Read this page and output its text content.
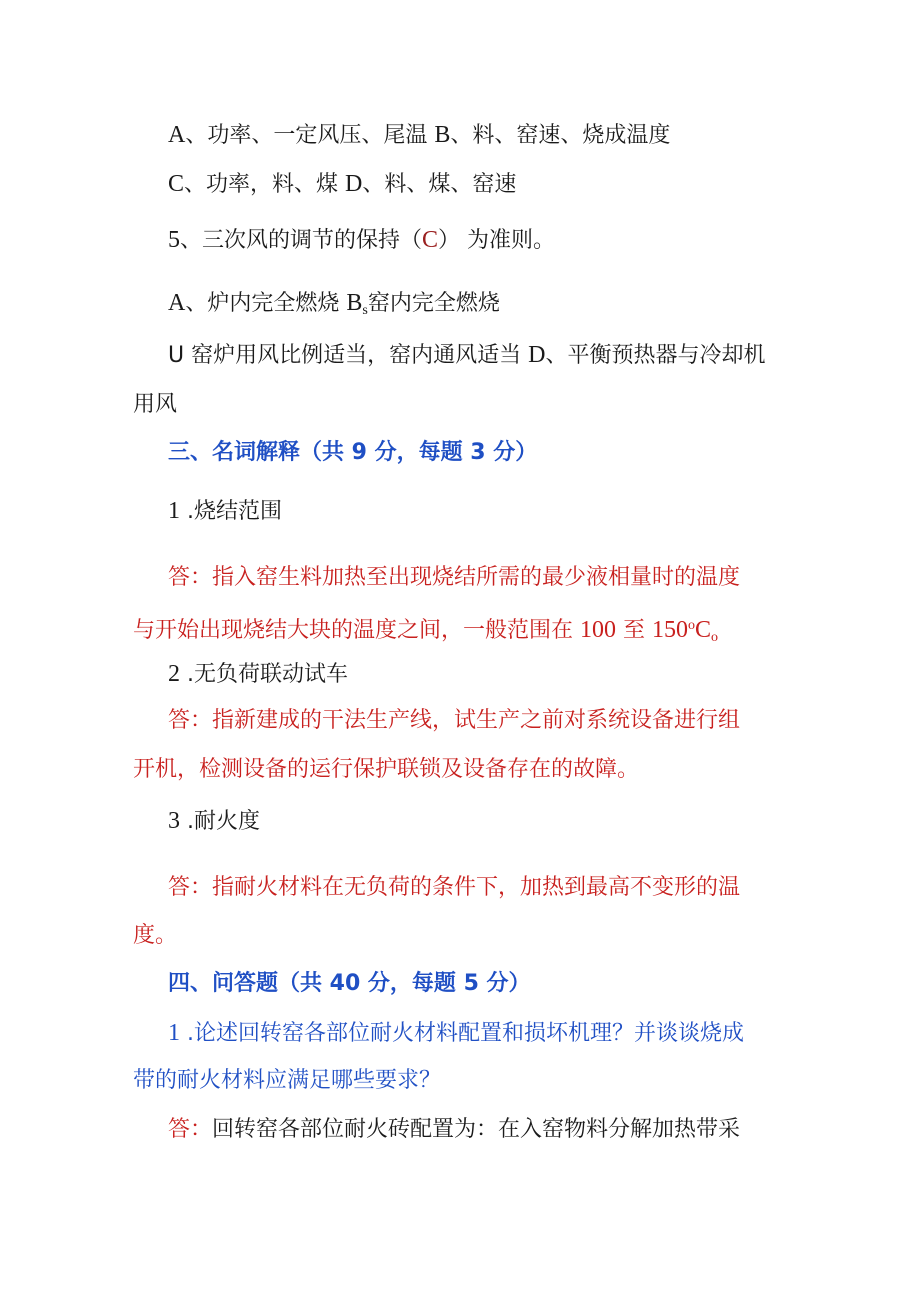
A、功率、一定风压、尾温 B、料、窑速、烧成温度
C、功率，料、煤 D、料、煤、窑速
5、三次风的调节的保持（C） 为准则。
A、炉内完全燃烧 $B_s$窑内完全燃烧
U 窑炉用风比例适当，窑内通风适当 D、平衡预热器与冷却机
用风
三、名词解释（共 9 分，每题 3 分）
1 .烧结范围
答：指入窑生料加热至出现烧结所需的最少液相量时的温度
与开始出现烧结大块的温度之间，一般范围在 100 至 $150^oC_o$
2 .无负荷联动试车
答：指新建成的干法生产线，试生产之前对系统设备进行组
开机，检测设备的运行保护联锁及设备存在的故障。
3 .耐火度
答：指耐火材料在无负荷的条件下，加热到最高不变形的温
度。
四、问答题（共 40 分，每题 5 分）
1 .论述回转窑各部位耐火材料配置和损坏机理？并谈谈烧成
带的耐火材料应满足哪些要求？
答：回转窑各部位耐火砖配置为：在入窑物料分解加热带采
